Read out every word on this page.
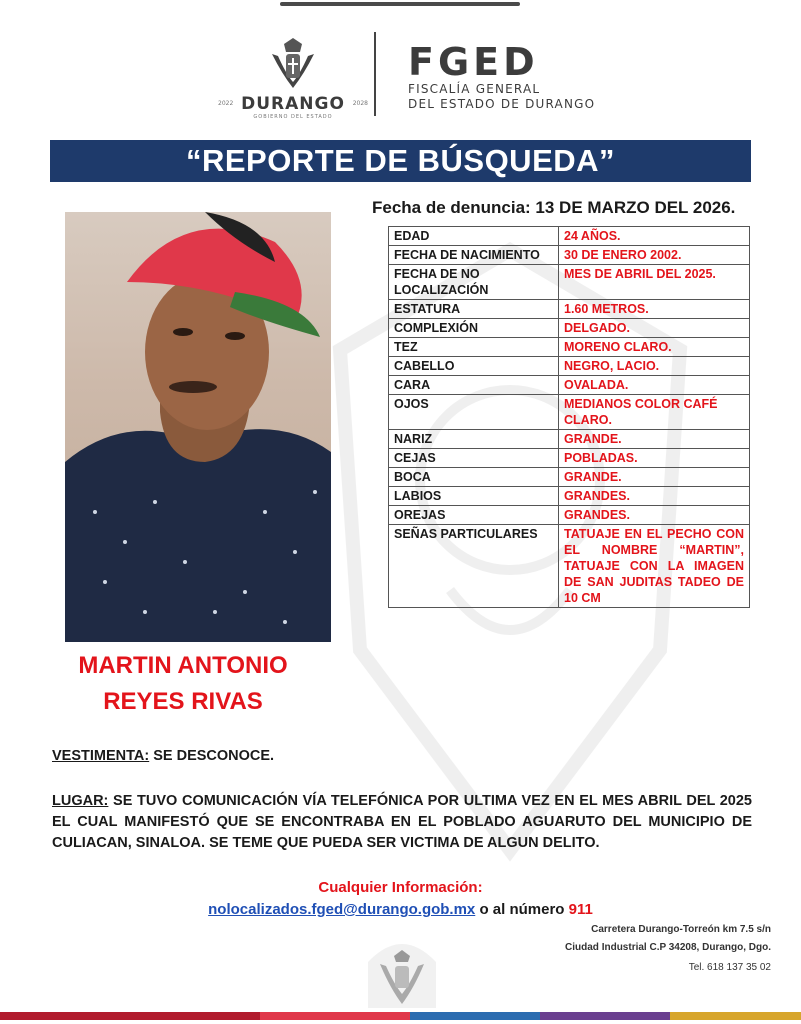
2022 DURANGO	2028
GOBIERNO DEL ESTADO
FGED
FISCALÍA GENERAL
DEL ESTADO DE DURANGO
“REPORTE DE BÚSQUEDA”
MARTIN ANTONIO
REYES RIVAS
Fecha de denuncia: 13 DE MARZO DEL 2026.
EDAD	24 AÑOS.
FECHA DE NACIMIENTO	30 DE ENERO 2002.
FECHA DE NO LOCALIZACIÓN	MES DE ABRIL DEL 2025.
ESTATURA	1.60 METROS.
COMPLEXIÓN	DELGADO.
TEZ	MORENO CLARO.
CABELLO	NEGRO, LACIO.
CARA	OVALADA.
OJOS	MEDIANOS COLOR CAFÉ CLARO.
NARIZ	GRANDE.
CEJAS	POBLADAS.
BOCA	GRANDE.
LABIOS	GRANDES.
OREJAS	GRANDES.
SEÑAS PARTICULARES	TATUAJE EN EL PECHO CON EL NOMBRE “MARTIN”, TATUAJE CON LA IMAGEN DE SAN JUDITAS TADEO DE 10 CM
VESTIMENTA: SE DESCONOCE.
LUGAR: SE TUVO COMUNICACIÓN VÍA TELEFÓNICA POR ULTIMA VEZ EN EL MES ABRIL DEL 2025 EL CUAL MANIFESTÓ QUE SE ENCONTRABA EN EL POBLADO AGUARUTO DEL MUNICIPIO DE CULIACAN, SINALOA. SE TEME QUE PUEDA SER VICTIMA DE ALGUN DELITO.
Cualquier Información:
nolocalizados.fged@durango.gob.mx o al número 911
Carretera Durango-Torreón km 7.5 s/n
Ciudad Industrial C.P 34208, Durango, Dgo.
Tel. 618 137 35 02
